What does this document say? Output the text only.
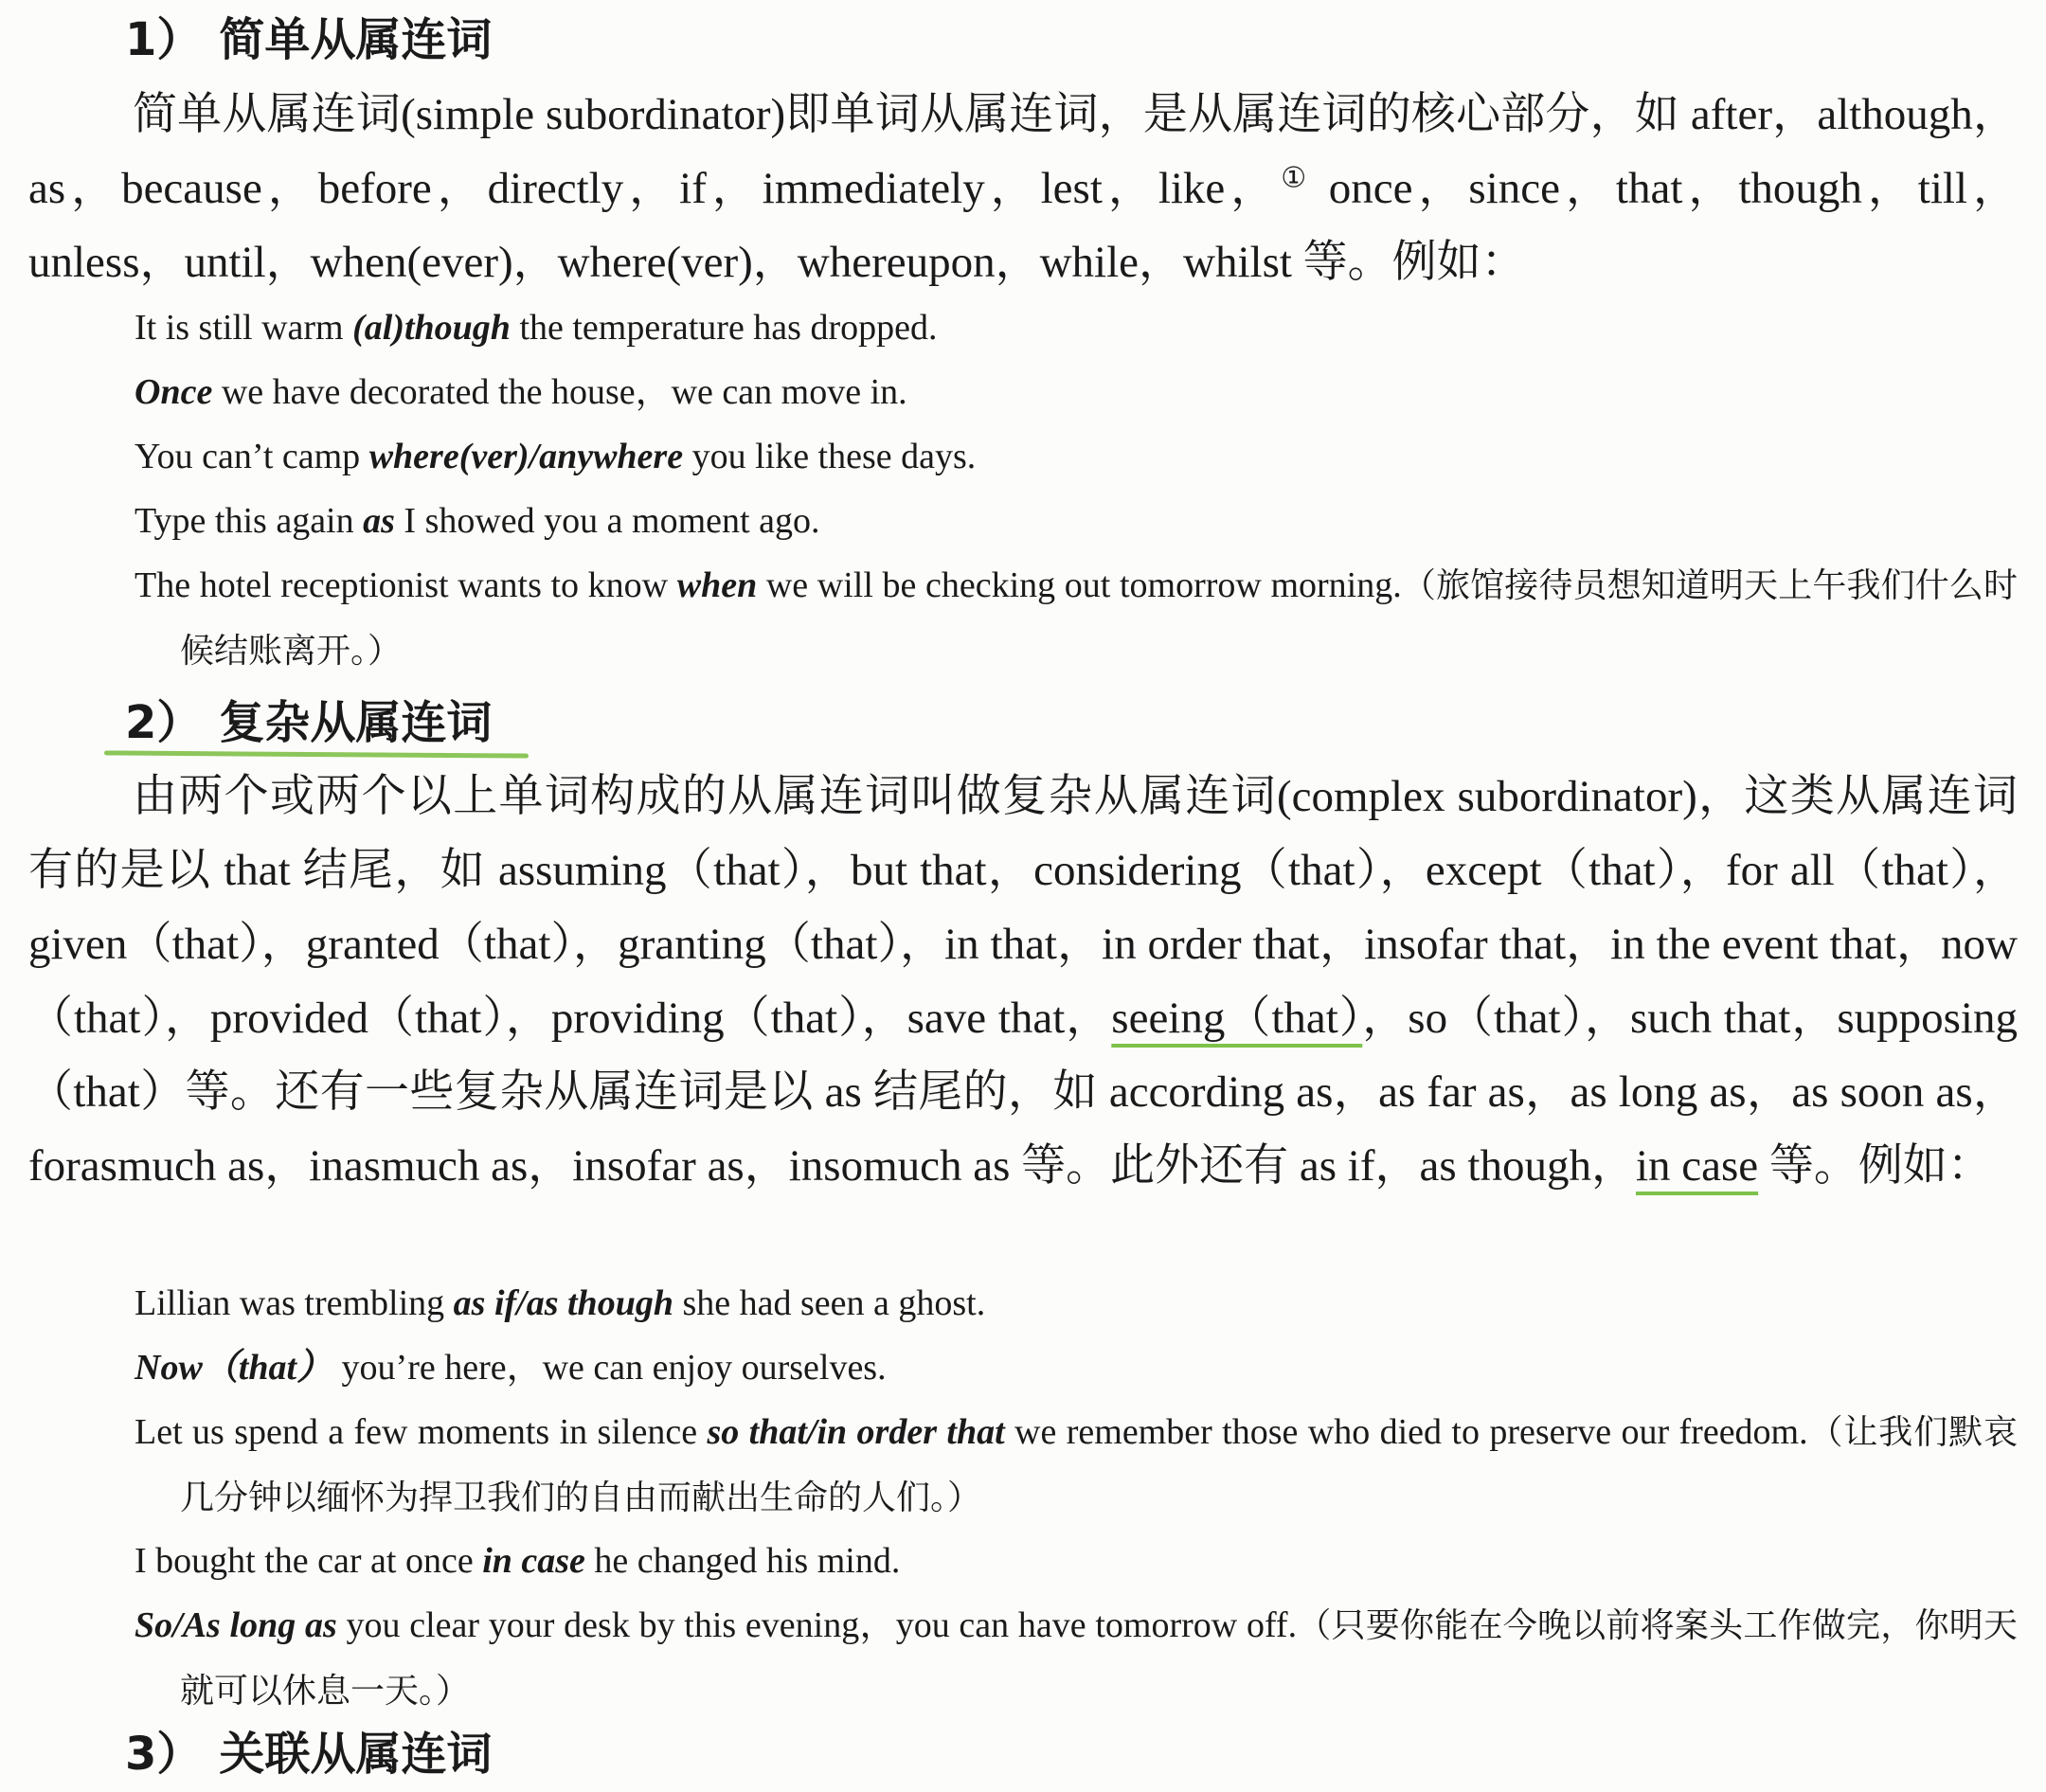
1） 简单从属连词

简单从属连词(simple subordinator)即单词从属连词，是从属连词的核心部分，如 after，although，as，because，before，directly，if，immediately，lest，like，① once，since，that，though，till，unless，until，when(ever)，where(ver)，whereupon，while，whilst 等。例如：

It is still warm (al)though the temperature has dropped.

Once we have decorated the house，we can move in.

You can’t camp where(ver)/anywhere you like these days.

Type this again as I showed you a moment ago.

The hotel receptionist wants to know when we will be checking out tomorrow morning.（旅馆接待员想知道明天上午我们什么时候结账离开。）

2） 复杂从属连词

由两个或两个以上单词构成的从属连词叫做复杂从属连词(complex subordinator)，这类从属连词有的是以 that 结尾，如 assuming（that），but that，considering（that），except（that），for all（that），given（that），granted（that），granting（that），in that，in order that，insofar that，in the event that，now（that），provided（that），providing（that），save that，seeing（that），so（that），such that，supposing（that）等。还有一些复杂从属连词是以 as 结尾的，如 according as，as far as，as long as，as soon as，forasmuch as，inasmuch as，insofar as，insomuch as 等。此外还有 as if，as though，in case 等。例如：

Lillian was trembling as if/as though she had seen a ghost.

Now（that） you’re here，we can enjoy ourselves.

Let us spend a few moments in silence so that/in order that we remember those who died to preserve our freedom.（让我们默哀几分钟以缅怀为捍卫我们的自由而献出生命的人们。）

I bought the car at once in case he changed his mind.

So/As long as you clear your desk by this evening，you can have tomorrow off.（只要你能在今晚以前将案头工作做完，你明天就可以休息一天。）

3） 关联从属连词
